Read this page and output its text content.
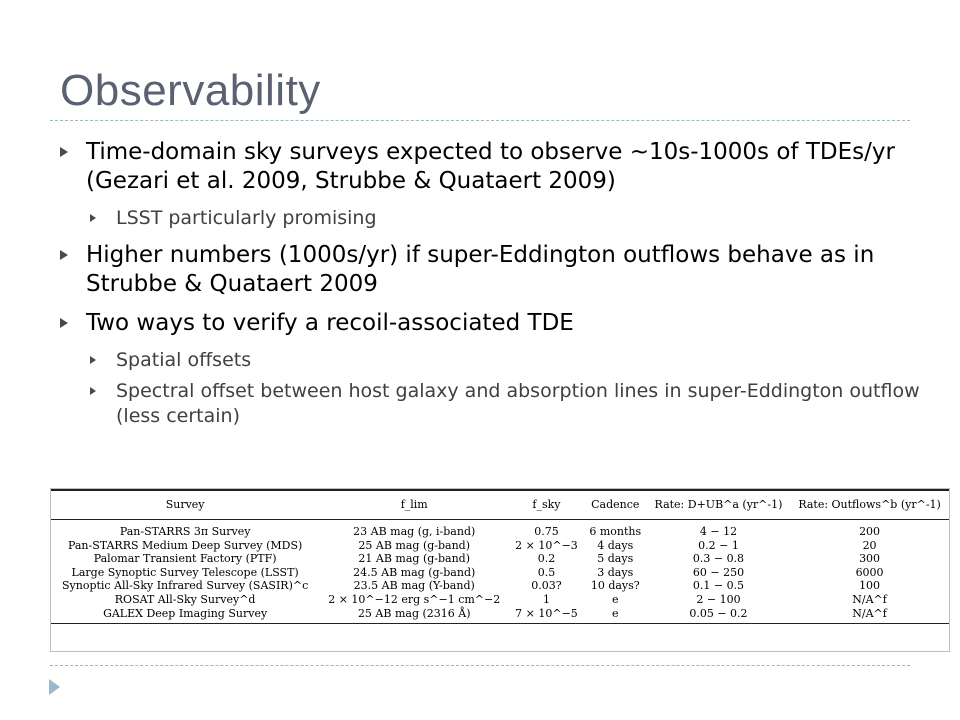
Observability
Time-domain sky surveys expected to observe ~10s-1000s of TDEs/yr (Gezari et al. 2009, Strubbe & Quataert 2009)
LSST particularly promising
Higher numbers (1000s/yr) if super-Eddington outflows behave as in Strubbe & Quataert 2009
Two ways to verify a recoil-associated TDE
Spatial offsets
Spectral offset between host galaxy and absorption lines in super-Eddington outflow (less certain)
Survey	f_lim	f_sky	Cadence	Rate: D+UB^a (yr^-1)	Rate: Outflows^b (yr^-1)
Pan-STARRS 3π Survey	23 AB mag (g, i-band)	0.75	6 months	4 − 12	200
Pan-STARRS Medium Deep Survey (MDS)	25 AB mag (g-band)	2 × 10^−3	4 days	0.2 − 1	20
Palomar Transient Factory (PTF)	21 AB mag (g-band)	0.2	5 days	0.3 − 0.8	300
Large Synoptic Survey Telescope (LSST)	24.5 AB mag (g-band)	0.5	3 days	60 − 250	6000
Synoptic All-Sky Infrared Survey (SASIR)^c	23.5 AB mag (Y-band)	0.03?	10 days?	0.1 − 0.5	100
ROSAT All-Sky Survey^d	2 × 10^−12 erg s^−1 cm^−2	1	e	2 − 100	N/A^f
GALEX Deep Imaging Survey	25 AB mag (2316 Å)	7 × 10^−5	e	0.05 − 0.2	N/A^f
